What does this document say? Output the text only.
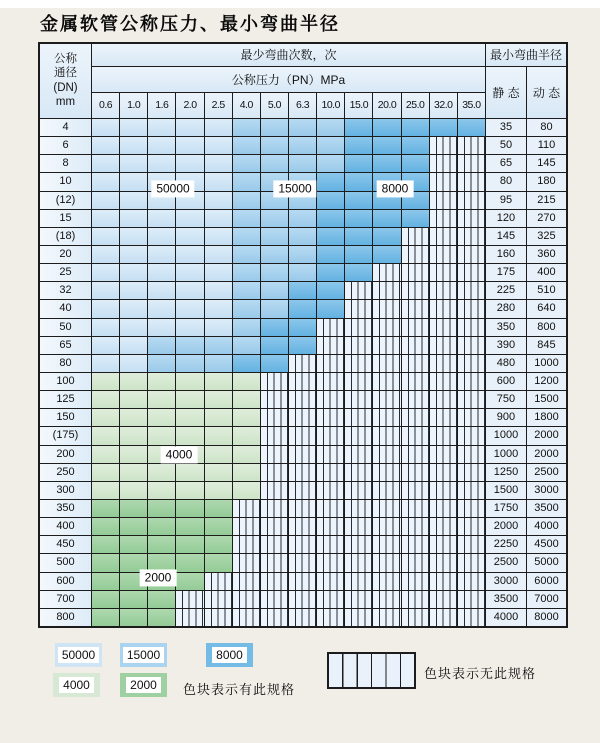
金属软管公称压力、最小弯曲半径
公称
通径
(DN)
mm
最少弯曲次数，次	最小弯曲半径
公称压力（PN）MPa
静 态	动 态
0.6	1.0	1.6	2.0	2.5	4.0	5.0	6.3	10.0 15.0 20.0 25.0 32.0 35.0
4	35	80
6	50	110
8	65	145
10	80	180
(12)	95	215
15	120	270
(18)	145	325
20	160	360
25	175	400
32	225	510
40	280	640
50	350	800
65	390	845
80	480	1000
100	600	1200
125	750	1500
150	900	1800
(175)	1000	2000
200	1000	2000
250	1250	2500
300	1500	3000
350	1750	3500
400	2000	4000
450	2250	4500
500	2500	5000
600	3000	6000
700	3500	7000
800	4000	8000
50000	15000	8000
4000
2000
50000	15000	8000
4000	2000	色块表示有此规格
色块表示无此规格
